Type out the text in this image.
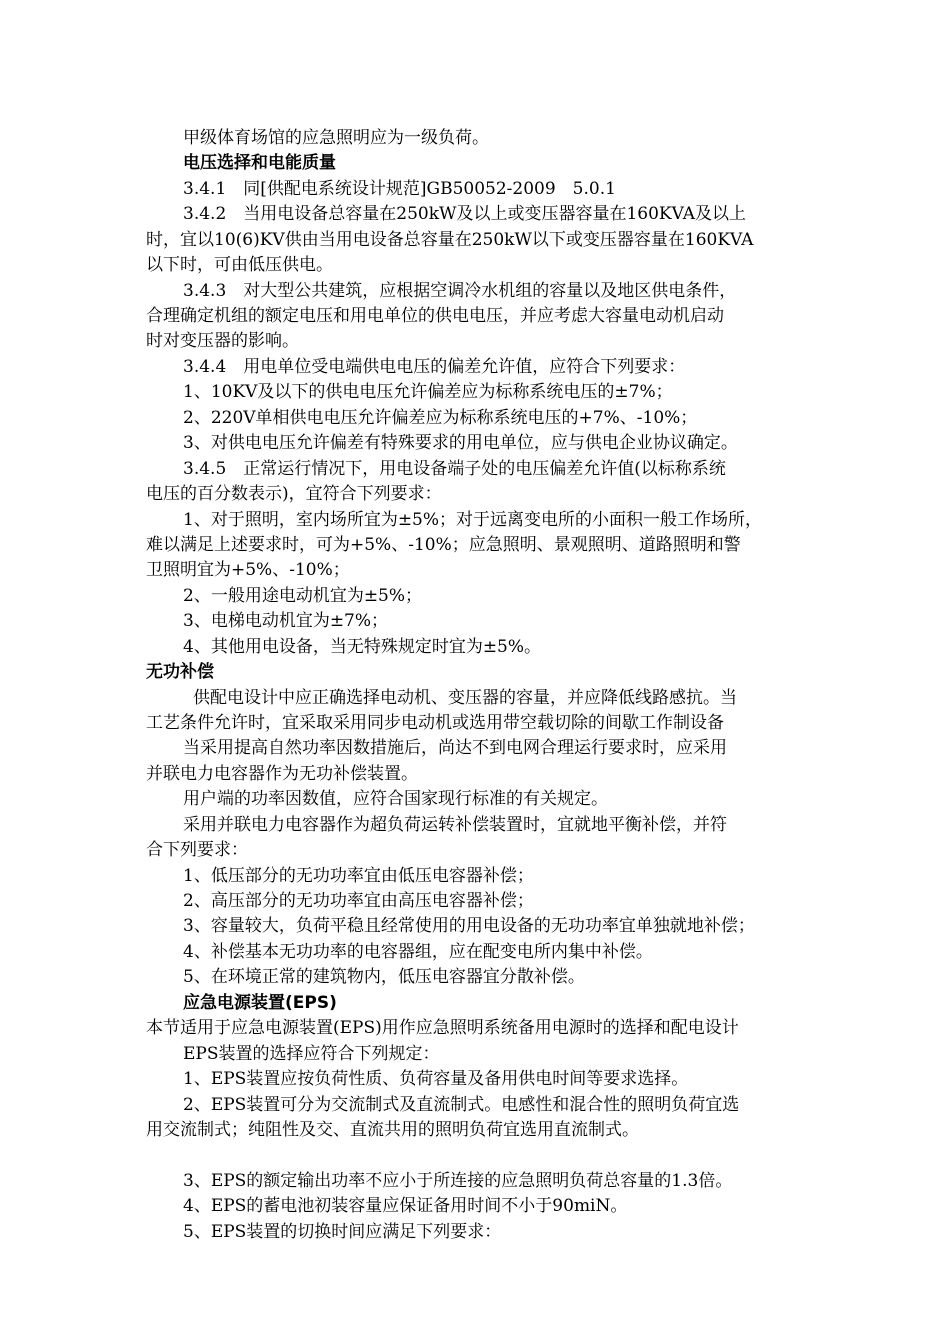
甲级体育场馆的应急照明应为一级负荷。
电压选择和电能质量
3.4.1　同[供配电系统设计规范]GB50052-2009　5.0.1
3.4.2　当用电设备总容量在250kW及以上或变压器容量在160KVA及以上
时，宜以10(6)KV供由当用电设备总容量在250kW以下或变压器容量在160KVA
以下时，可由低压供电。
3.4.3　对大型公共建筑，应根据空调冷水机组的容量以及地区供电条件，
合理确定机组的额定电压和用电单位的供电电压，并应考虑大容量电动机启动
时对变压器的影响。
3.4.4　用电单位受电端供电电压的偏差允许值，应符合下列要求：
1、10KV及以下的供电电压允许偏差应为标称系统电压的±7%；
2、220V单相供电电压允许偏差应为标称系统电压的+7%、-10%；
3、对供电电压允许偏差有特殊要求的用电单位，应与供电企业协议确定。
3.4.5　正常运行情况下，用电设备端子处的电压偏差允许值(以标称系统
电压的百分数表示)，宜符合下列要求：
1、对于照明，室内场所宜为±5%；对于远离变电所的小面积一般工作场所，
难以满足上述要求时，可为+5%、-10%；应急照明、景观照明、道路照明和警
卫照明宜为+5%、-10%；
2、一般用途电动机宜为±5%；
3、电梯电动机宜为±7%；
4、其他用电设备，当无特殊规定时宜为±5%。
无功补偿
供配电设计中应正确选择电动机、变压器的容量，并应降低线路感抗。当
工艺条件允许时，宜采取采用同步电动机或选用带空载切除的间歇工作制设备
当采用提高自然功率因数措施后，尚达不到电网合理运行要求时，应采用
并联电力电容器作为无功补偿装置。
用户端的功率因数值，应符合国家现行标准的有关规定。
采用并联电力电容器作为超负荷运转补偿装置时，宜就地平衡补偿，并符
合下列要求：
1、低压部分的无功功率宜由低压电容器补偿；
2、高压部分的无功功率宜由高压电容器补偿；
3、容量较大，负荷平稳且经常使用的用电设备的无功功率宜单独就地补偿；
4、补偿基本无功功率的电容器组，应在配变电所内集中补偿。
5、在环境正常的建筑物内，低压电容器宜分散补偿。
应急电源装置(EPS)
本节适用于应急电源装置(EPS)用作应急照明系统备用电源时的选择和配电设计
EPS装置的选择应符合下列规定：
1、EPS装置应按负荷性质、负荷容量及备用供电时间等要求选择。
2、EPS装置可分为交流制式及直流制式。电感性和混合性的照明负荷宜选
用交流制式；纯阻性及交、直流共用的照明负荷宜选用直流制式。
3、EPS的额定输出功率不应小于所连接的应急照明负荷总容量的1.3倍。
4、EPS的蓄电池初装容量应保证备用时间不小于90miN。
5、EPS装置的切换时间应满足下列要求：
